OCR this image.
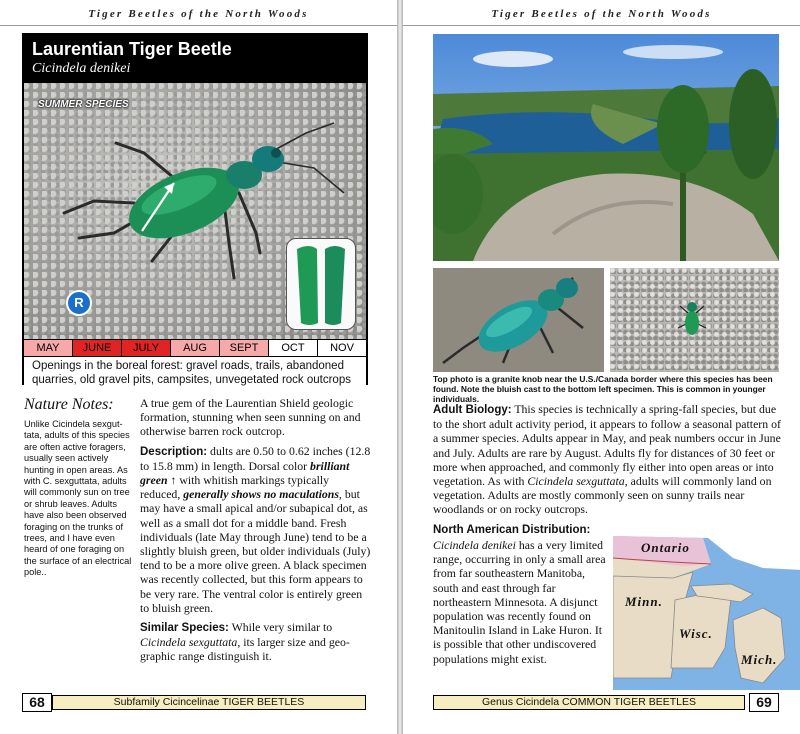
Tiger Beetles of the North Woods
Laurentian Tiger Beetle
Cicindela denikei
SUMMER SPECIES
R
MAY	JUNE	JULY	AUG	SEPT	OCT	NOV
Openings in the boreal forest: gravel roads, trails, abandoned quarries, old gravel pits, campsites, unvegetated rock outcrops
Nature Notes:
Unlike Cicindela sexguttata, adults of this species are often active foragers, usually seen actively hunting in open areas. As with C. sexguttata, adults will commonly sun on tree or shrub leaves. Adults have also been observed foraging on the trunks of trees, and I have even heard of one foraging on the surface of an electrical pole..

A true gem of the Laurentian Shield geologic formation, stunning when seen sunning on and otherwise barren rock outcrop.

Description: dults are 0.50 to 0.62 inches (12.8 to 15.8 mm) in length. Dorsal color brilliant green ↑ with whitish markings typically reduced, generally shows no maculations, but may have a small apical and/or subapical dot, as well as a small dot for a middle band. Fresh individuals (late May through June) tend to be a slightly bluish green, but older individuals (July) tend to be a more olive green. A black specimen was recently collected, but this form appears to be very rare. The ventral color is entirely green to bluish green.

Similar Species: While very similar to Cicindela sexguttata, its larger size and geographic range distinguish it.

68	Subfamily Cicincelinae TIGER BEETLES
Tiger Beetles of the North Woods
Top photo is a granite knob near the U.S./Canada border where this species has been found. Note the bluish cast to the bottom left specimen. This is common in younger individuals.

Adult Biology: This species is technically a spring-fall species, but due to the short adult activity period, it appears to follow a seasonal pattern of a summer species. Adults appear in May, and peak numbers occur in June and July. Adults are rare by August. Adults fly for distances of 30 feet or more when approached, and commonly fly either into open areas or into vegetation. As with Cicindela sexguttata, adults will commonly land on vegetation. Adults are mostly commonly seen on sunny trails near woodlands or on rocky outcrops.

North American Distribution:
Cicindela denikei has a very limited range, occurring in only a small area from far southeastern Manitoba, south and east through far northeastern Minnesota. A disjunct population was recently found on Manitoulin Island in Lake Huron. It is possible that other undiscovered populations might exist.
Ontario
Minn.
Wisc.
Mich.
Genus Cicindela COMMON TIGER BEETLES	69
